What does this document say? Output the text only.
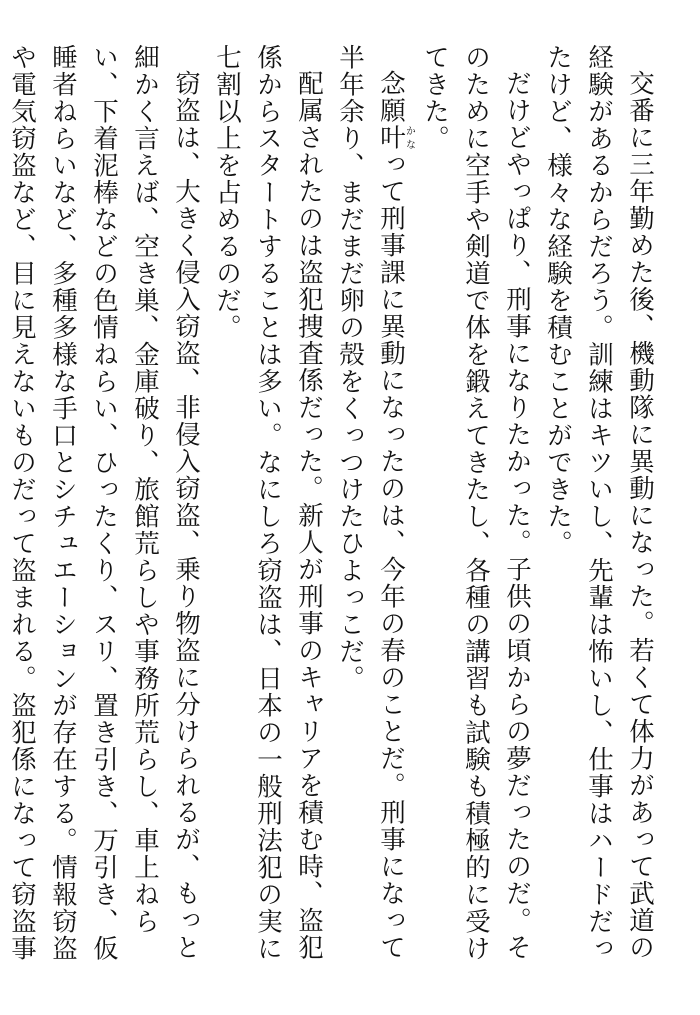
交番に三年勤めた後、機動隊に異動になった。若くて体力があって武道の経験があるからだろう。訓練はキツいし、先輩は怖いし、仕事はハードだったけど、様々な経験を積むことができた。

だけどやっぱり、刑事になりたかった。子供の頃からの夢だったのだ。そのために空手や剣道で体を鍛えてきたし、各種の講習も試験も積極的に受けてきた。

念願叶かなって刑事課に異動になったのは、今年の春のことだ。刑事になって半年余り、まだまだ卵の殻をくっつけたひよっこだ。

配属されたのは盗犯捜査係だった。新人が刑事のキャリアを積む時、盗犯係からスタートすることは多い。なにしろ窃盗は、日本の一般刑法犯の実に七割以上を占めるのだ。

窃盗は、大きく侵入窃盗、非侵入窃盗、乗り物盗に分けられるが、もっと細かく言えば、空き巣、金庫破り、旅館荒らしや事務所荒らし、車上ねらい、下着泥棒などの色情ねらい、ひったくり、スリ、置き引き、万引き、仮睡者ねらいなど、多種多様な手口とシチュエーションが存在する。情報窃盗や電気窃盗など、目に見えないものだって盗まれる。盗犯係になって窃盗事
